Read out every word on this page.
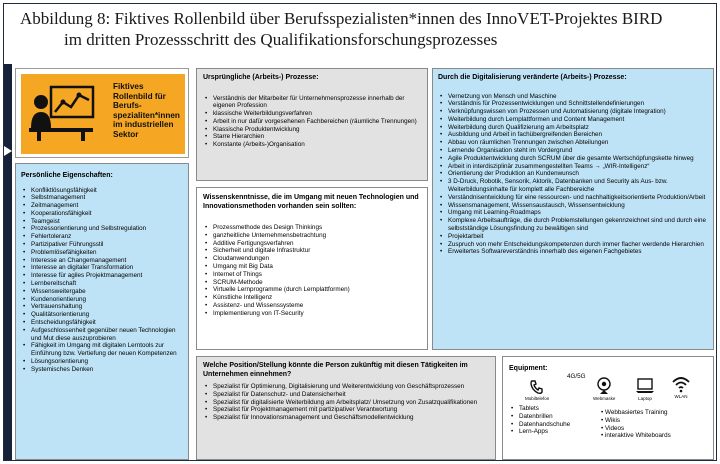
Abbildung 8: Fiktives Rollenbild über Berufsspezialisten*innen des InnoVET-Projektes BIRD
im dritten Prozessschritt des Qualifikationsforschungsprozesses
Fiktives Rollenbild für Berufs-spezialiten*innen im industriellen Sektor
Persönliche Eigenschaften:
• Konfliktlösungsfähigkeit
• Selbstmanagement
• Zeitmanagement
• Kooperationsfähigkeit
• Teamgeist
• Prozessorientierung und Selbstregulation
• Fehlertoleranz
• Partizipativer Führungsstil
• Problemlösefähigkeiten
• Interesse an Changemanagement
• Interesse an digitaler Transformation
• Interesse für agiles Projektmanagement
• Lernbereitschaft
• Wissensweitergabe
• Kundenorientierung
• Vertrauenshaltung
• Qualitätsorientierung
• Entscheidungsfähigkeit
• Aufgeschlossenheit gegenüber neuen Technologien und Mut diese auszuprobieren
• Fähigkeit im Umgang mit digitalen Lerntools zur Einführung bzw. Vertiefung der neuen Kompetenzen
• Lösungsorientierung
• Systemisches Denken
Ursprüngliche (Arbeits-) Prozesse:
• Verständnis der Mitarbeiter für Unternehmensprozesse innerhalb der eigenen Profession
• klassische Weiterbildungsverfahren
• Arbeit in nur dafür vorgesehenen Fachbereichen (räumliche Trennungen)
• Klassische Produktentwicklung
• Starre Hierarchien
• Konstante (Arbeits-)Organisation
Durch die Digitalisierung veränderte (Arbeits-) Prozesse:
• Vernetzung von Mensch und Maschine
• Verständnis für Prozessentwicklungen und Schnittstellendefinierungen
• Verknüpfungswissen von Prozessen und Automatisierung (digitale Integration)
• Weiterbildung durch Lernplattformen und Content Management
• Weiterbildung durch Qualifizierung am Arbeitsplatz
• Ausbildung und Arbeit in fachübergreifenden Bereichen
• Abbau von räumlichen Trennungen zwischen Abteilungen
• Lernende Organisation steht im Vordergrund
• Agile Produktentwicklung durch SCRUM über die gesamte Wertschöpfungskette hinweg
• Arbeit in interdisziplinär zusammengestellten Teams → „WIR-Intelligenz“
• Orientierung der Produktion an Kundenwunsch
• 3 D-Druck, Robotik, Sensorik, Aktorik, Datenbanken und Security als Aus- bzw. Weiterbildungsinhalte für komplett alle Fachbereiche
• Verständnisentwicklung für eine ressourcen- und nachhaltigkeitsorientierte Produktion/Arbeit
• Wissensmanagement, Wissensaustausch, Wissensentwicklung
• Umgang mit Learning-Roadmaps
• Komplexe Arbeitsaufträge, die durch Problemstellungen gekennzeichnet sind und durch eine selbstständige Lösungsfindung zu bewältigen sind
• Projektarbeit
• Zuspruch von mehr Entscheidungskompetenzen durch immer flacher werdende Hierarchien
• Erweitertes Softwareverständnis innerhalb des eigenen Fachgebietes
Wissenskenntnisse, die im Umgang mit neuen Technologien und Innovationsmethoden vorhanden sein sollten:
• Prozessmethode des Design Thinkings
• ganzheitliche Unternehmensbetrachtung
• Additive Fertigungsverfahren
• Sicherheit und digitale Infrastruktur
• Cloudanwendungen
• Umgang mit Big Data
• Internet of Things
• SCRUM-Methode
• Virtuelle Lernprogramme (durch Lernplattformen)
• Künstliche Intelligenz
• Assistenz- und Wissenssysteme
• Implementierung von IT-Security
Welche Position/Stellung könnte die Person zukünftig mit diesen Tätigkeiten im Unternehmen einnehmen?
• Spezialist für Optimierung, Digitalisierung und Weiterentwicklung von Geschäftsprozessen
• Spezialist für Datenschutz- und Datensicherheit
• Spezialist für digitalisierte Weiterbildung am Arbeitsplatz/ Umsetzung von Zusatzqualifikationen
• Spezialist für Projektmanagement mit partizipativer Verantwortung
• Spezialist für Innovationsmanagement und Geschäftsmodellentwicklung
Equipment:
4G/5G
Mobiltelefon	Webmaske	Laptop	WLAN
• Tablets
• Datenbrillen
• Datenhandschuhe
• Lern-Apps
• Webbasiertes Training
• Wikis
• Videos
• interaktive Whiteboards
